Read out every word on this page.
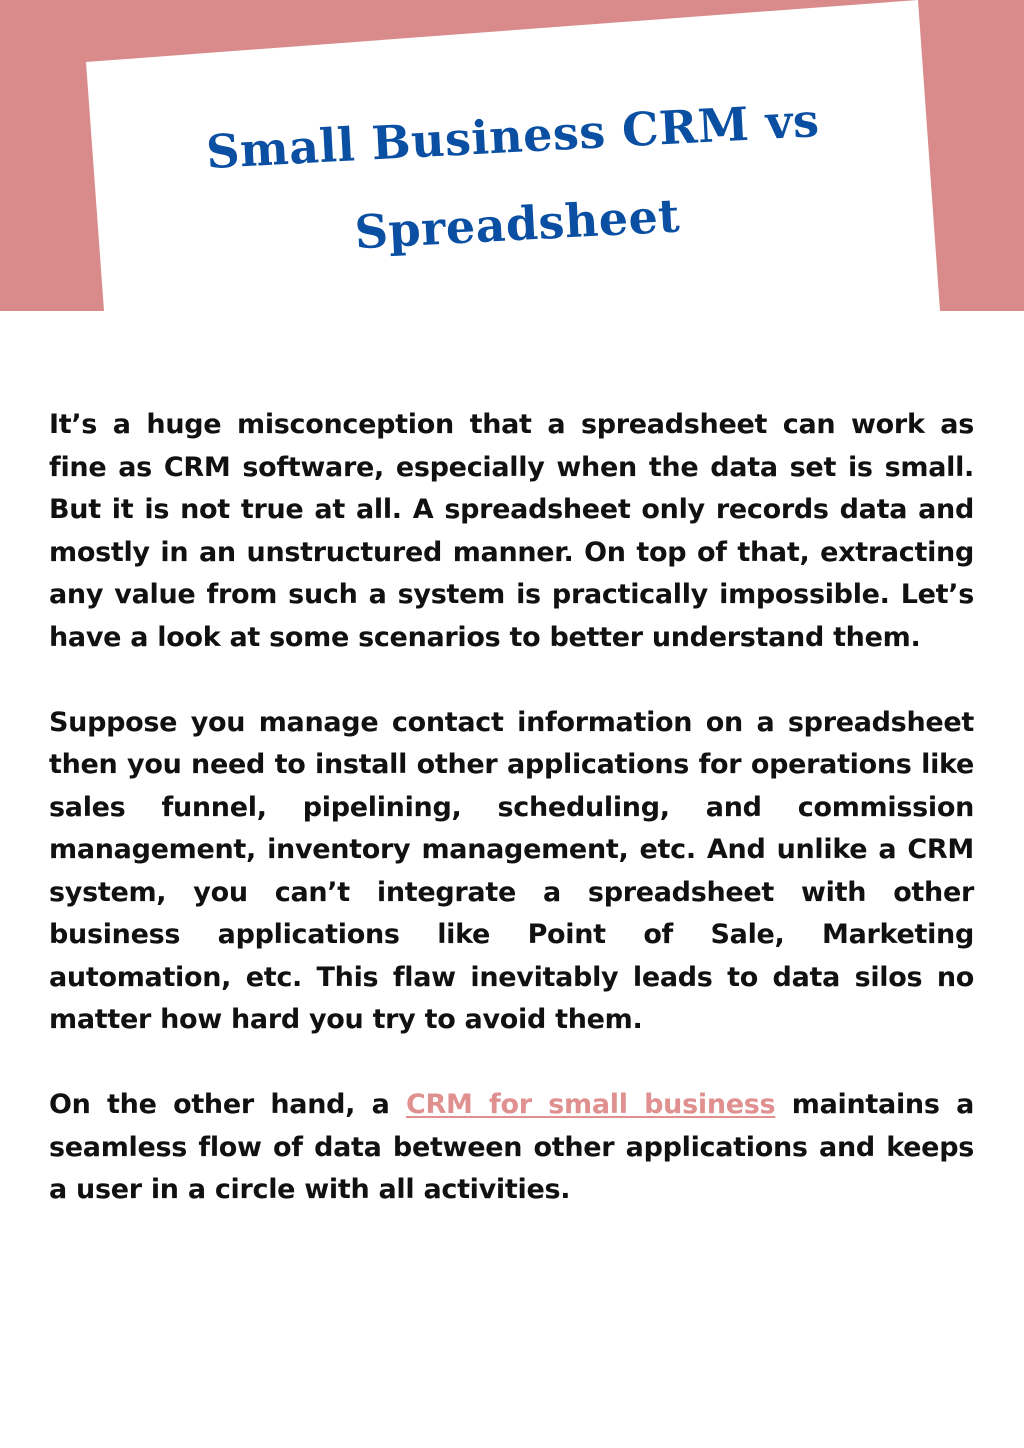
Small Business CRM vs Spreadsheet

It’s a huge misconception that a spreadsheet can work as fine as CRM software, especially when the data set is small. But it is not true at all. A spreadsheet only records data and mostly in an unstructured manner. On top of that, extracting any value from such a system is practically impossible. Let’s have a look at some scenarios to better understand them.

Suppose you manage contact information on a spreadsheet then you need to install other applications for operations like sales funnel, pipelining, scheduling, and commission management, inventory management, etc. And unlike a CRM system, you can’t integrate a spreadsheet with other business applications like Point of Sale, Marketing automation, etc. This flaw inevitably leads to data silos no matter how hard you try to avoid them.

On the other hand, a CRM for small business maintains a seamless flow of data between other applications and keeps a user in a circle with all activities.
